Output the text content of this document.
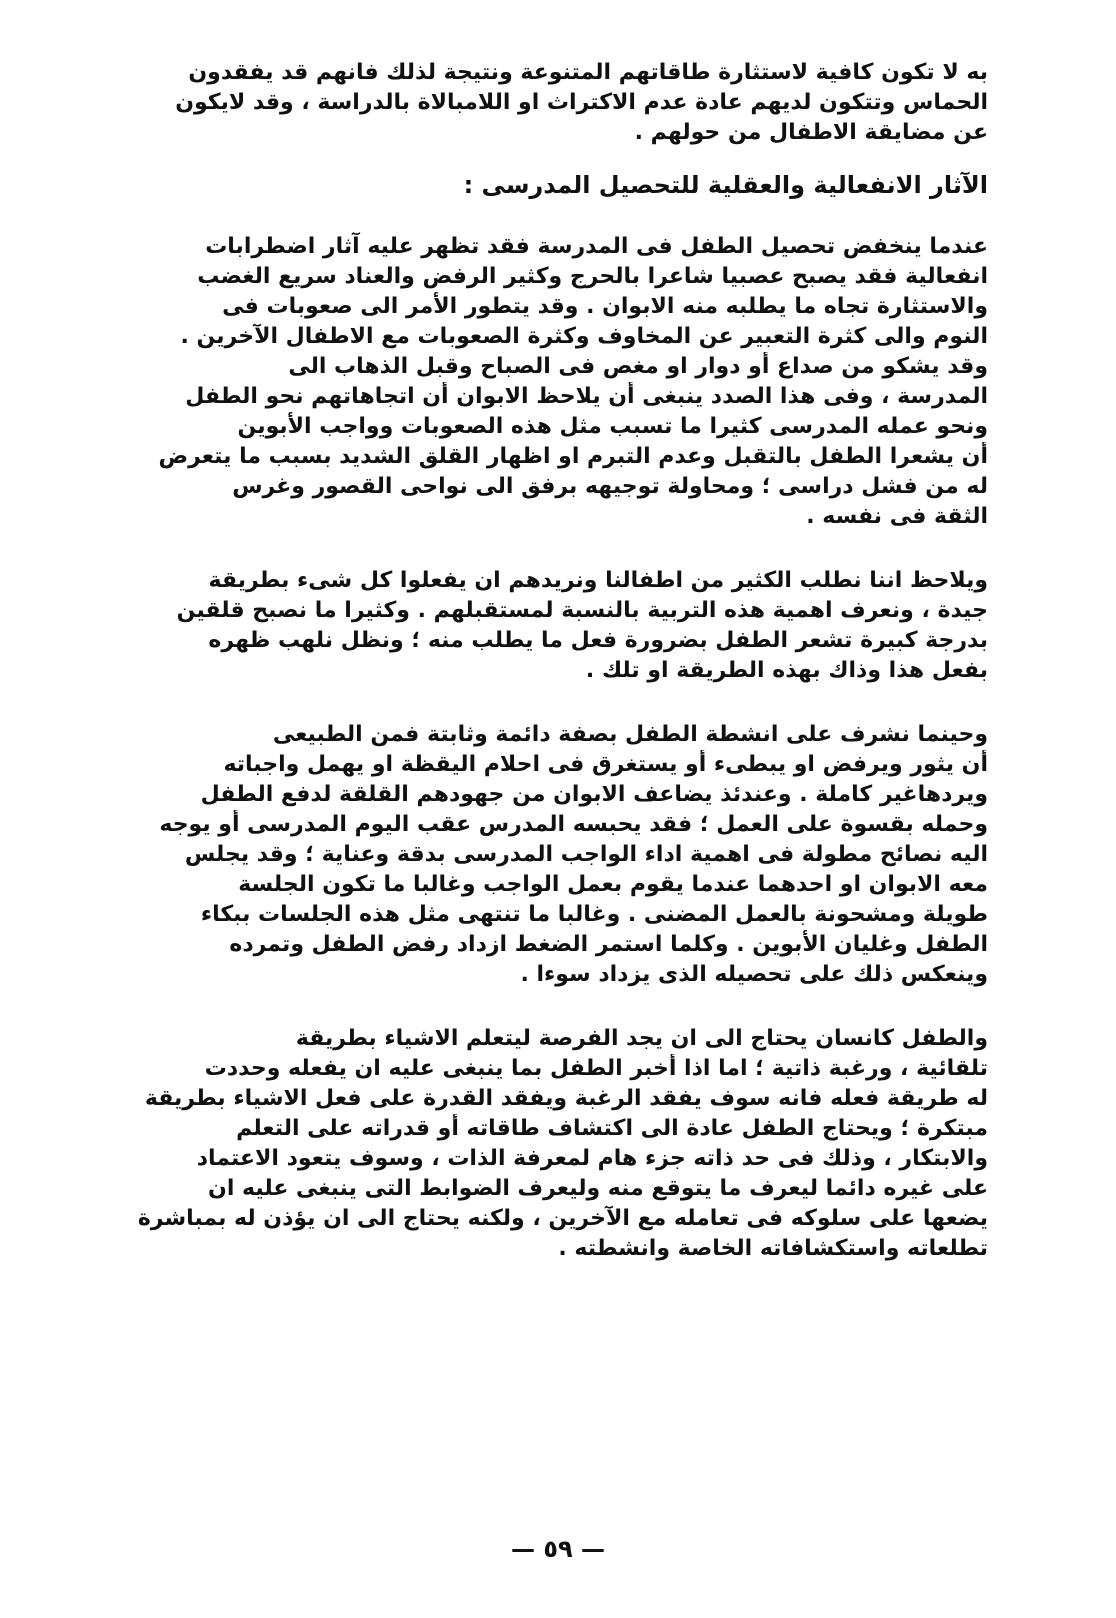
به لا تكون كافية لاستثارة طاقاتهم المتنوعة ونتيجة لذلك فانهم قد يفقدون
الحماس وتتكون لديهم عادة عدم الاكتراث او اللامبالاة بالدراسة ، وقد لايكون
عن مضايقة الاطفال من حولهم .
الآثار الانفعالية والعقلية للتحصيل المدرسى :
عندما ينخفض تحصيل الطفل فى المدرسة فقد تظهر عليه آثار اضطرابات
انفعالية فقد يصبح عصبيا شاعرا بالحرج وكثير الرفض والعناد سريع الغضب
والاستثارة تجاه ما يطلبه منه الابوان . وقد يتطور الأمر الى صعوبات فى
النوم والى كثرة التعبير عن المخاوف وكثرة الصعوبات مع الاطفال الآخرين .
وقد يشكو من صداع أو دوار او مغص فى الصباح وقبل الذهاب الى
المدرسة ، وفى هذا الصدد ينبغى أن يلاحظ الابوان أن اتجاهاتهم نحو الطفل
ونحو عمله المدرسى كثيرا ما تسبب مثل هذه الصعوبات وواجب الأبوين
أن يشعرا الطفل بالتقبل وعدم التبرم او اظهار القلق الشديد بسبب ما يتعرض
له من فشل دراسى ؛ ومحاولة توجيهه برفق الى نواحى القصور وغرس
الثقة فى نفسه .
ويلاحظ اننا نطلب الكثير من اطفالنا ونريدهم ان يفعلوا كل شىء بطريقة
جيدة ، ونعرف اهمية هذه التربية بالنسبة لمستقبلهم . وكثيرا ما نصبح قلقين
بدرجة كبيرة تشعر الطفل بضرورة فعل ما يطلب منه ؛ ونظل نلهب ظهره
بفعل هذا وذاك بهذه الطريقة او تلك .
وحينما نشرف على انشطة الطفل بصفة دائمة وثابتة فمن الطبيعى
أن يثور ويرفض او يبطىء أو يستغرق فى احلام اليقظة او يهمل واجباته
ويردهاغير كاملة . وعندئذ يضاعف الابوان من جهودهم القلقة لدفع الطفل
وحمله بقسوة على العمل ؛ فقد يحبسه المدرس عقب اليوم المدرسى أو يوجه
اليه نصائح مطولة فى اهمية اداء الواجب المدرسى بدقة وعناية ؛ وقد يجلس
معه الابوان او احدهما عندما يقوم بعمل الواجب وغالبا ما تكون الجلسة
طويلة ومشحونة بالعمل المضنى . وغالبا ما تنتهى مثل هذه الجلسات ببكاء
الطفل وغليان الأبوين . وكلما استمر الضغط ازداد رفض الطفل وتمرده
وينعكس ذلك على تحصيله الذى يزداد سوءا .
والطفل كانسان يحتاج الى ان يجد الفرصة ليتعلم الاشياء بطريقة
تلقائية ، ورغبة ذاتية ؛ اما اذا أخبر الطفل بما ينبغى عليه ان يفعله وحددت
له طريقة فعله فانه سوف يفقد الرغبة ويفقد القدرة على فعل الاشياء بطريقة
مبتكرة ؛ ويحتاج الطفل عادة الى اكتشاف طاقاته أو قدراته على التعلم
والابتكار ، وذلك فى حد ذاته جزء هام لمعرفة الذات ، وسوف يتعود الاعتماد
على غيره دائما ليعرف ما يتوقع منه وليعرف الضوابط التى ينبغى عليه ان
يضعها على سلوكه فى تعامله مع الآخرين ، ولكنه يحتاج الى ان يؤذن له بمباشرة
تطلعاته واستكشافاته الخاصة وانشطته .
— ٥٩ —
